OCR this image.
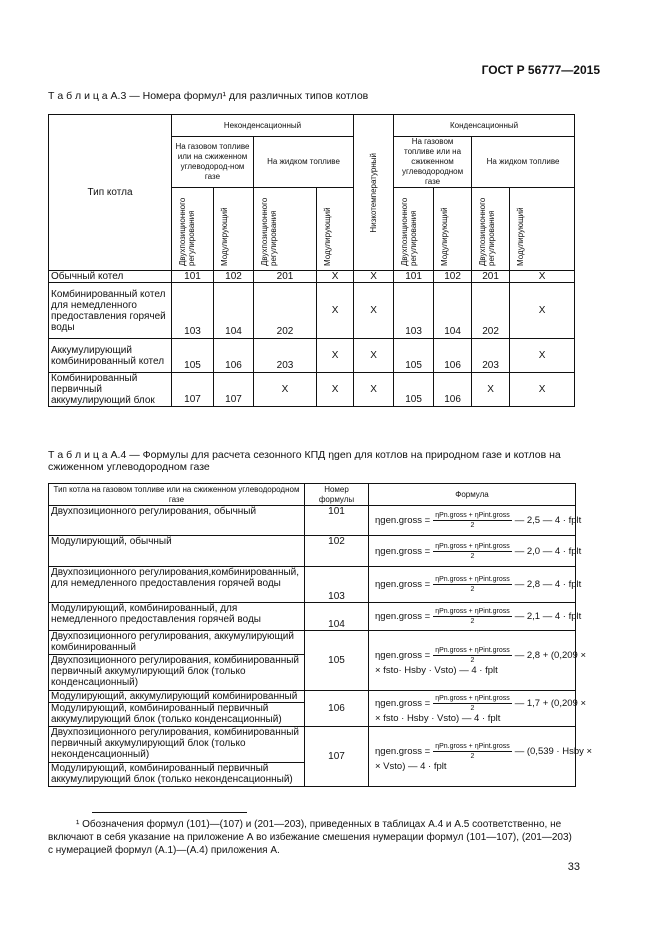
ГОСТ Р 56777—2015
Т а б л и ц а А.3 — Номера формул¹ для различных типов котлов
Тип котла	Неконденсационный				Низкотемпературный	Конденсационный			
	На газовом топливе или на сжиженном углеводород-ном газе		На жидком топливе			На газовом топливе или на сжиженном углеводородном газе		На жидком топливе	

	Двухпозиционного регулирования	Модулирующий	Двухпозиционного регулирования	Модулирующий		Двухпозиционного регулирования	Модулирующий	Двухпозиционного регулирования	Модулирующий

Обычный котел	101	102	201	X	X	101	102	201	X
Комбинированный котел для немедленного предоставления горячей воды	103	104	202	X	X	103	104	202	X
Аккумулирующий комбинированный котел	105	106	203	X	X	105	106	203	X
Комбинированный первичный аккумулирующий блок	107	107	X	X	X	105	106	X	X
Т а б л и ц а А.4 — Формулы для расчета сезонного КПД ηgen для котлов на природном газе и котлов на
сжиженном углеводородном газе
Тип котла на газовом топливе или на сжиженном углеводородном газе	Номер формулы	Формула
Двухпозиционного регулирования, обычный	101	ηgen.gross = $\frac{\text{ηPn.gross + ηPint.gross}}{2}$ — 2,5 — 4 · fplt
Модулирующий, обычный	102	ηgen.gross = $\frac{\text{ηPn.gross + ηPint.gross}}{2}$ — 2,0 — 4 · fplt
Двухпозиционного регулирования,комбинированный, для немедленного предоставления горячей воды	103	ηgen.gross = $\frac{\text{ηPn.gross + ηPint.gross}}{2}$ — 2,8 — 4 · fplt
Модулирующий, комбинированный, для немедленного предоставления горячей воды	104	ηgen.gross = $\frac{\text{ηPn.gross + ηPint.gross}}{2}$ — 2,1 — 4 · fplt
Двухпозиционного регулирования, аккумулирующий комбинированный	105	ηgen.gross = $\frac{\text{ηPn.gross + ηPint.gross}}{2}$ — 2,8 + (0,209 ×
× fsto· Hsby · Vsto) — 4 · fplt
Двухпозиционного регулирования, комбинированный первичный аккумулирующий блок (только конденсационный)		
Модулирующий, аккумулирующий комбинированный	106	ηgen.gross = $\frac{\text{ηPn.gross + ηPint.gross}}{2}$ — 1,7 + (0,209 ×
× fsto · Hsby · Vsto) — 4 · fplt
Модулирующий, комбинированный первичный аккумулирующий блок (только конденсационный)		
Двухпозиционного регулирования, комбинированный первичный аккумулирующий блок (только неконденсационный)	107	ηgen.gross = $\frac{\text{ηPn.gross + ηPint.gross}}{2}$ — (0,539 · Hsby ×
× Vsto) — 4 · fplt
Модулирующий, комбинированный первичный аккумулирующий блок (только неконденсационный)		
¹ Обозначения формул (101)—(107) и (201—203), приведенных в таблицах А.4 и А.5 соответственно, не включают в себя указание на приложение А во избежание смешения нумерации формул (101—107), (201—203) с нумерацией формул (А.1)—(А.4) приложения А.
33
